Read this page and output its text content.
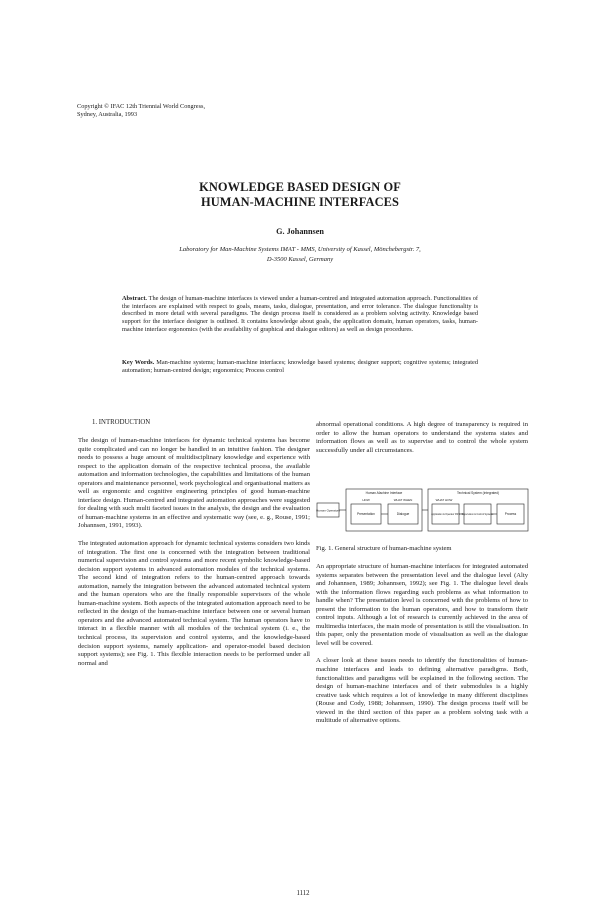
Copyright © IFAC 12th Triennial World Congress,
Sydney, Australia, 1993
KNOWLEDGE BASED DESIGN OF
HUMAN-MACHINE INTERFACES
G. Johannsen
Laboratory for Man-Machine Systems IMAT - MMS, University of Kassel, Mönchebergstr. 7,
D-3500 Kassel, Germany
Abstract. The design of human-machine interfaces is viewed under a human-centred and integrated automation approach. Functionalities of the interfaces are explained with respect to goals, means, tasks, dialogue, presentation, and error tolerance. The dialogue functionality is described in more detail with several paradigms. The design process itself is considered as a problem solving activity. Knowledge based support for the interface designer is outlined. It contains knowledge about goals, the application domain, human operators, tasks, human-machine interface ergonomics (with the availability of graphical and dialogue editors) as well as design procedures.
Key Words. Man-machine systems; human-machine interfaces; knowledge based systems; designer support; cognitive systems; integrated automation; human-centred design; ergonomics; Process control
1. INTRODUCTION

The design of human-machine interfaces for dynamic technical systems has become quite complicated and can no longer be handled in an intuitive fashion. The designer needs to possess a huge amount of multidisciplinary knowledge and experience with respect to the application domain of the respective technical process, the available automation and information technologies, the capabilities and limitations of the human operators and maintenance personnel, work psychological and organisational matters as well as ergonomic and cognitive engineering principles of good human-machine interface design. Human-centred and integrated automation approaches were suggested for dealing with such multi faceted issues in the analysis, the design and the evaluation of human-machine systems in an effective and systematic way (see, e. g., Rouse, 1991; Johannsen, 1991, 1993).

The integrated automation approach for dynamic technical systems considers two kinds of integration. The first one is concerned with the integration between traditional numerical supervision and control systems and more recent symbolic knowledge-based decision support systems in advanced automation modules of the technical systems. The second kind of integration refers to the human-centred approach towards automation, namely the integration between the advanced automated technical system and the human operators who are the finally responsible supervisors of the whole human-machine system. Both aspects of the integrated automation approach need to be reflected in the design of the human-machine interface between one or several human operators and the advanced automated technical system. The human operators have to interact in a flexible manner with all modules of the technical system (i. e., the technical process, its supervision and control systems, and the knowledge-based decision support systems, namely application- and operator-model based decision support systems); see Fig. 1. This flexible interaction needs to be performed under all normal and

abnormal operational conditions. A high degree of transparency is required in order to allow the human operators to understand the systems states and information flows as well as to supervise and to control the whole system successfully under all circumstances.

Human Operators
Human-Machine Interface
HOW	WHAT WHEN
Presentation	Dialogue
Technical System (integrated)
WHAT HOW
Application & Operator DSS Supervision & Control Systems	Process
Fig. 1. General structure of human-machine system

An appropriate structure of human-machine interfaces for integrated automated systems separates between the presentation level and the dialogue level (Alty and Johannsen, 1989; Johannsen, 1992); see Fig. 1. The dialogue level deals with the information flows regarding such problems as what information to handle when? The presentation level is concerned with the problems of how to present the information to the human operators, and how to transform their control inputs. Although a lot of research is currently achieved in the area of multimedia interfaces, the main mode of presentation is still the visualisation. In this paper, only the presentation mode of visualisation as well as the dialogue level will be covered.

A closer look at these issues needs to identify the functionalities of human-machine interfaces and leads to defining alternative paradigms. Both, functionalities and paradigms will be explained in the following section. The design of human-machine interfaces and of their submodules is a highly creative task which requires a lot of knowledge in many different disciplines (Rouse and Cody, 1988; Johannsen, 1990). The design process itself will be viewed in the third section of this paper as a problem solving task with a multitude of alternative options.

1112
